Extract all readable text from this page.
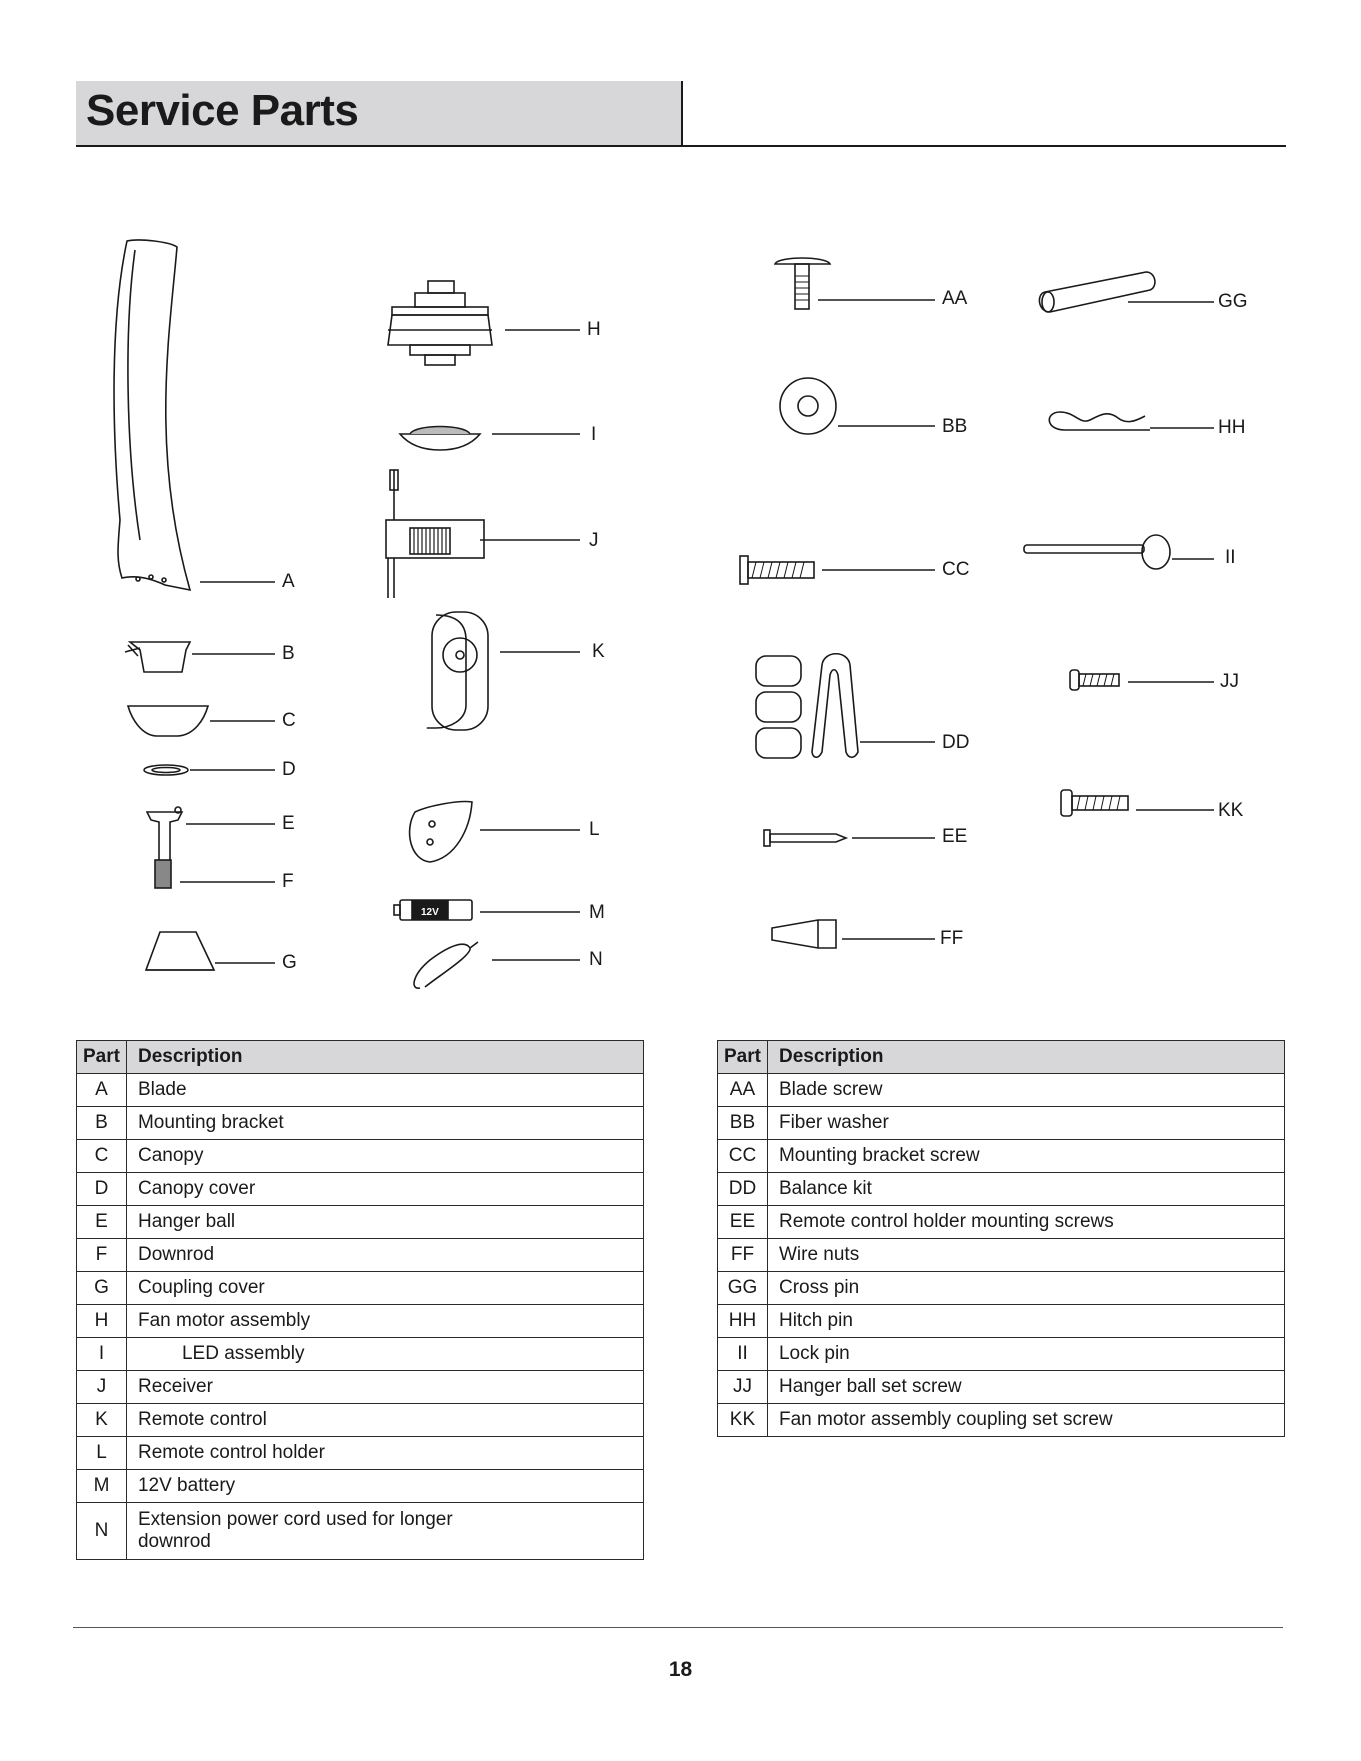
Service Parts
12V
A
B
C
D
E
F
G
H
I
J
K
L
M
N
AA
BB
CC
DD
EE
FF
GG
HH
II
JJ
KK
Part	Description
A	Blade
B	Mounting bracket
C	Canopy
D	Canopy cover
E	Hanger ball
F	Downrod
G	Coupling cover
H	Fan motor assembly
I	LED assembly
J	Receiver
K	Remote control
L	Remote control holder
M	12V battery
N	Extension power cord used for longer downrod
Part	Description
AA	Blade screw
BB	Fiber washer
CC	Mounting bracket screw
DD	Balance kit
EE	Remote control holder mounting screws
FF	Wire nuts
GG	Cross pin
HH	Hitch pin
II	Lock pin
JJ	Hanger ball set screw
KK	Fan motor assembly coupling set screw
18
